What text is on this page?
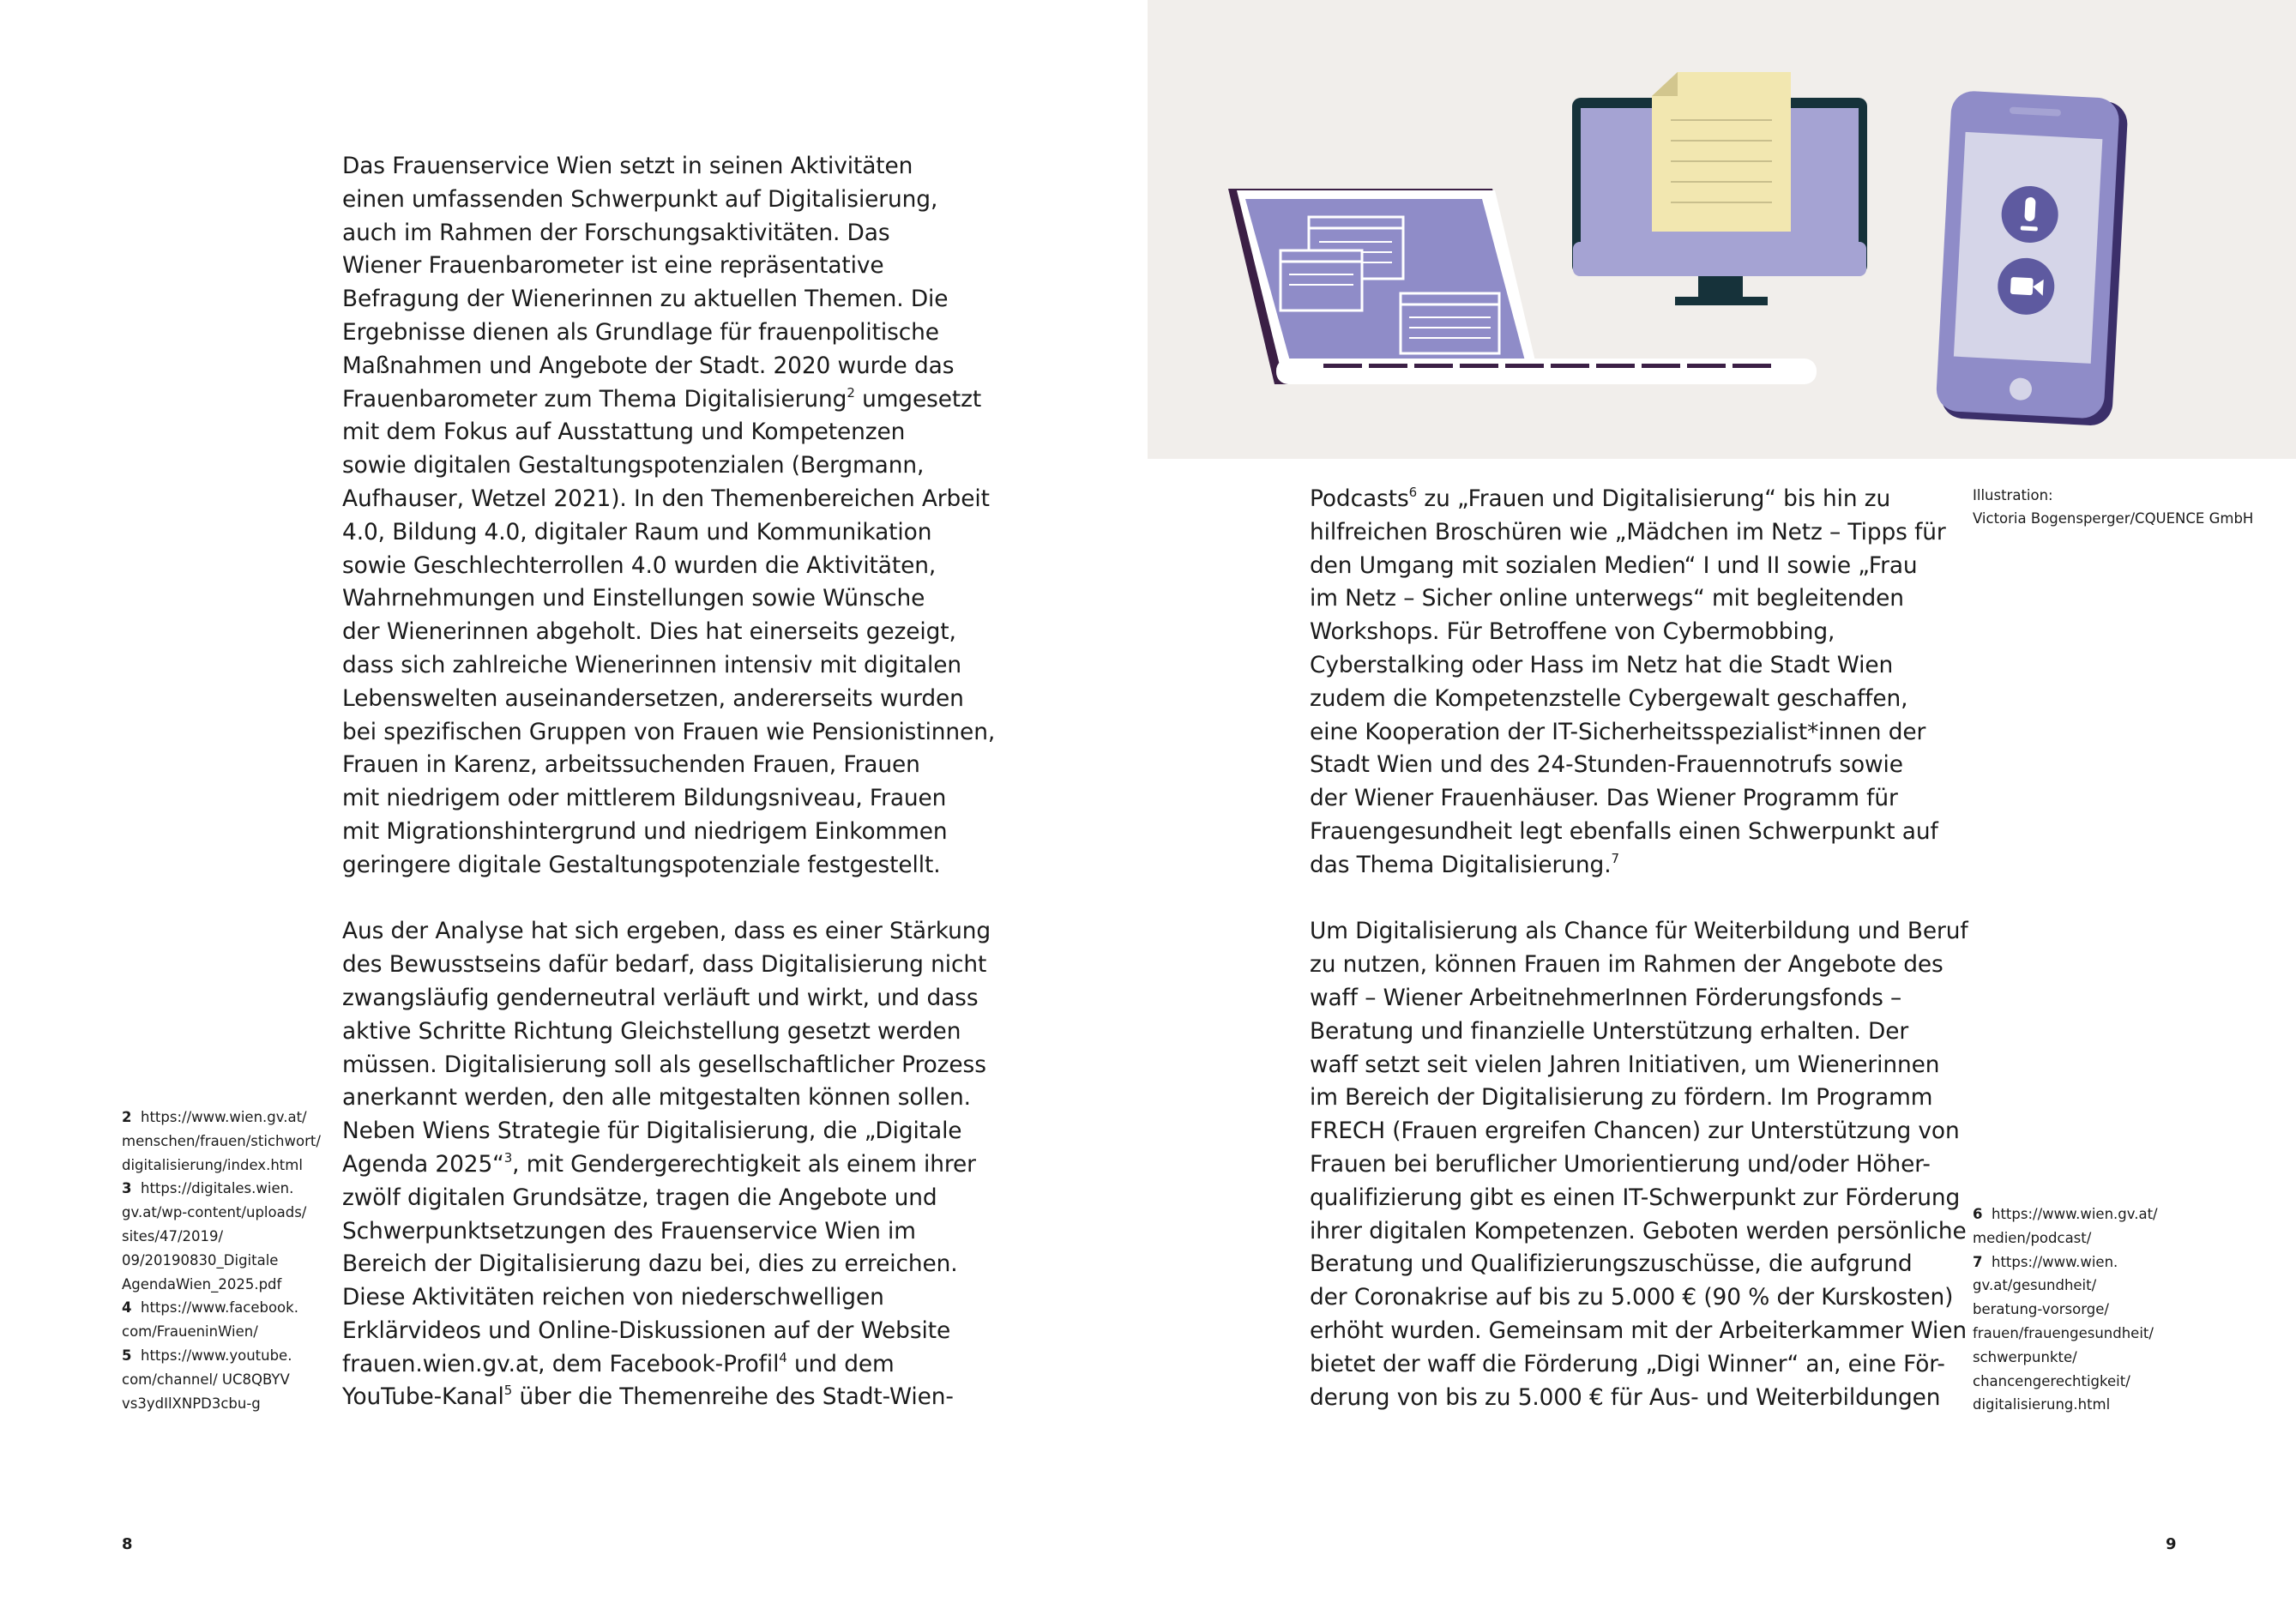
Das Frauenservice Wien setzt in seinen Aktivitäten
einen umfassenden Schwerpunkt auf Digitalisierung,
auch im Rahmen der Forschungsaktivitäten. Das
Wiener Frauenbarometer ist eine repräsentative
Befragung der Wienerinnen zu aktuellen Themen. Die
Ergebnisse dienen als Grundlage für frauenpolitische
Maßnahmen und Angebote der Stadt. 2020 wurde das
Frauenbarometer zum Thema Digitalisierung$^2$ umgesetzt
mit dem Fokus auf Ausstattung und Kompetenzen
sowie digitalen Gestaltungspotenzialen (Bergmann,
Aufhauser, Wetzel 2021). In den Themenbereichen Arbeit
4.0, Bildung 4.0, digitaler Raum und Kommunikation
sowie Geschlechterrollen 4.0 wurden die Aktivitäten,
Wahrnehmungen und Einstellungen sowie Wünsche
der Wienerinnen abgeholt. Dies hat einerseits gezeigt,
dass sich zahlreiche Wienerinnen intensiv mit digitalen
Lebenswelten auseinandersetzen, andererseits wurden
bei spezifischen Gruppen von Frauen wie Pensionistinnen,
Frauen in Karenz, arbeitssuchenden Frauen, Frauen
mit niedrigem oder mittlerem Bildungsniveau, Frauen
mit Migrationshintergrund und niedrigem Einkommen
geringere digitale Gestaltungspotenziale festgestellt.

Aus der Analyse hat sich ergeben, dass es einer Stärkung
des Bewusstseins dafür bedarf, dass Digitalisierung nicht
zwangsläufig genderneutral verläuft und wirkt, und dass
aktive Schritte Richtung Gleichstellung gesetzt werden
müssen. Digitalisierung soll als gesellschaftlicher Prozess
anerkannt werden, den alle mitgestalten können sollen.
Neben Wiens Strategie für Digitalisierung, die „Digitale
Agenda 2025“$^3$, mit Gendergerechtigkeit als einem ihrer
zwölf digitalen Grundsätze, tragen die Angebote und
Schwerpunktsetzungen des Frauenservice Wien im
Bereich der Digitalisierung dazu bei, dies zu erreichen.
Diese Aktivitäten reichen von niederschwelligen
Erklärvideos und Online-Diskussionen auf der Website
frauen.wien.gv.at, dem Facebook-Profil$^4$ und dem
YouTube-Kanal$^5$ über die Themenreihe des Stadt-Wien-

2 https://www.wien.gv.at/
menschen/frauen/stichwort/
digitalisierung/index.html
3 https://digitales.wien.
gv.at/wp-content/uploads/
sites/47/2019/
09/20190830_Digitale
AgendaWien_2025.pdf
4 https://www.facebook.
com/FraueninWien/
5 https://www.youtube.
com/channel/ UC8QBYV
vs3ydIlXNPD3cbu-g
8
Illustration:
Victoria Bogensperger/CQUENCE GmbH

Podcasts$^6$ zu „Frauen und Digitalisierung“ bis hin zu
hilfreichen Broschüren wie „Mädchen im Netz – Tipps für
den Umgang mit sozialen Medien“ I und II sowie „Frau
im Netz – Sicher online unterwegs“ mit begleitenden
Workshops. Für Betroffene von Cybermobbing,
Cyberstalking oder Hass im Netz hat die Stadt Wien
zudem die Kompetenzstelle Cybergewalt geschaffen,
eine Kooperation der IT-Sicherheitsspezialist*innen der
Stadt Wien und des 24-Stunden-Frauennotrufs sowie
der Wiener Frauenhäuser. Das Wiener Programm für
Frauengesundheit legt ebenfalls einen Schwerpunkt auf
das Thema Digitalisierung.$^7$

Um Digitalisierung als Chance für Weiterbildung und Beruf
zu nutzen, können Frauen im Rahmen der Angebote des
waff – Wiener ArbeitnehmerInnen Förderungsfonds –
Beratung und finanzielle Unterstützung erhalten. Der
waff setzt seit vielen Jahren Initiativen, um Wienerinnen
im Bereich der Digitalisierung zu fördern. Im Programm
FRECH (Frauen ergreifen Chancen) zur Unterstützung von
Frauen bei beruflicher Umorientierung und/oder Höher-
qualifizierung gibt es einen IT-Schwerpunkt zur Förderung
ihrer digitalen Kompetenzen. Geboten werden persönliche
Beratung und Qualifizierungszuschüsse, die aufgrund
der Coronakrise auf bis zu 5.000 € (90 % der Kurskosten)
erhöht wurden. Gemeinsam mit der Arbeiterkammer Wien
bietet der waff die Förderung „Digi Winner“ an, eine För-
derung von bis zu 5.000 € für Aus- und Weiterbildungen

6 https://www.wien.gv.at/
medien/podcast/
7 https://www.wien.
gv.at/gesundheit/
beratung-vorsorge/
frauen/frauengesundheit/
schwerpunkte/
chancengerechtigkeit/
digitalisierung.html
9
